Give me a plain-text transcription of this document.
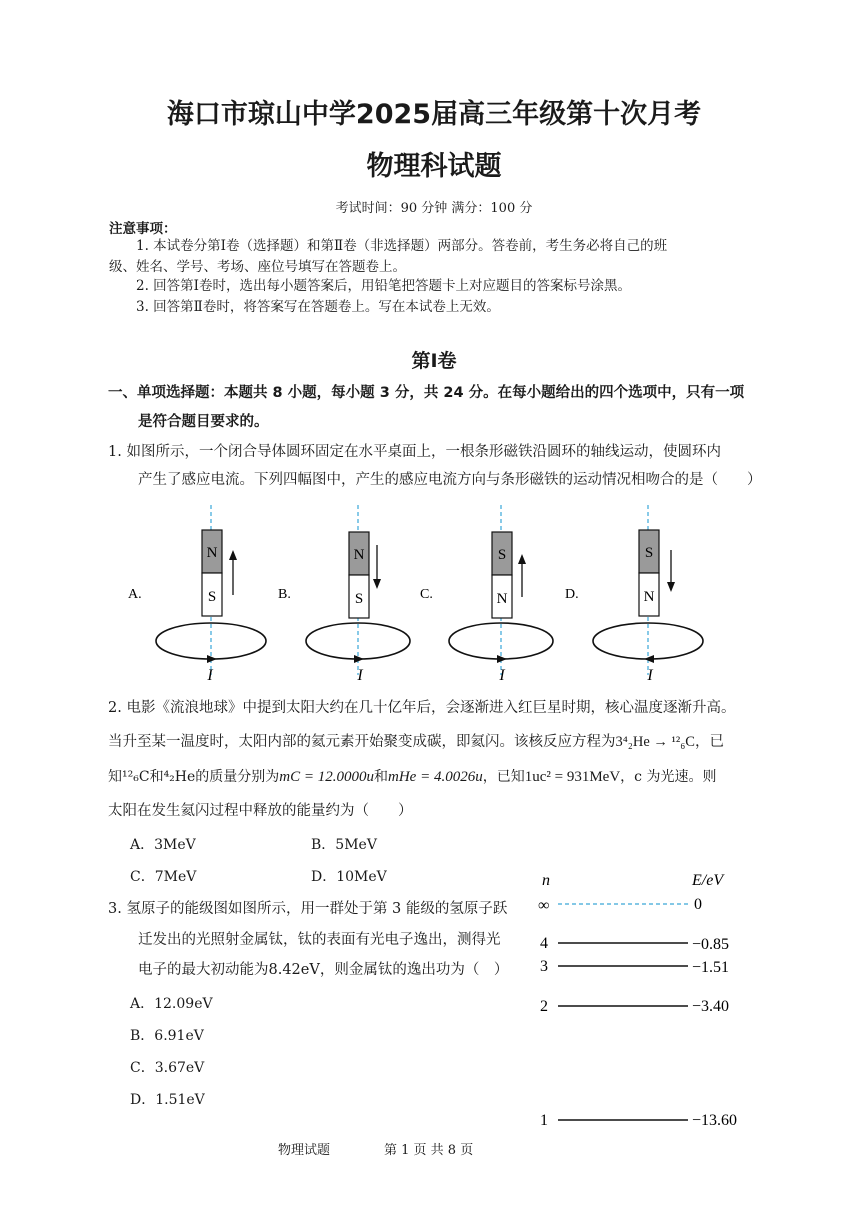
海口市琼山中学2025届高三年级第十次月考
物理科试题
考试时间：90 分钟 满分：100 分
注意事项：
1. 本试卷分第Ⅰ卷（选择题）和第Ⅱ卷（非选择题）两部分。答卷前，考生务必将自己的班
级、姓名、学号、考场、座位号填写在答题卷上。
2. 回答第Ⅰ卷时，选出每小题答案后，用铅笔把答题卡上对应题目的答案标号涂黑。
3. 回答第Ⅱ卷时，将答案写在答题卷上。写在本试卷上无效。
第Ⅰ卷
一、单项选择题：本题共 8 小题，每小题 3 分，共 24 分。在每小题给出的四个选项中，只有一项
是符合题目要求的。
1. 如图所示，一个闭合导体圆环固定在水平桌面上，一根条形磁铁沿圆环的轴线运动，使圆环内
产生了感应电流。下列四幅图中，产生的感应电流方向与条形磁铁的运动情况相吻合的是（　　）
A.
N
S
I
B.
N
S
I
C.
S
N
I
D.
S
N
I
2. 电影《流浪地球》中提到太阳大约在几十亿年后，会逐渐进入红巨星时期，核心温度逐渐升高。
当升至某一温度时，太阳内部的氦元素开始聚变成碳，即氦闪。该核反应方程为3⁴₂He → ¹²₆C，已
知¹²₆C和⁴₂He的质量分别为mC = 12.0000u和mHe = 4.0026u，已知1uc² = 931MeV，c 为光速。则
太阳在发生氦闪过程中释放的能量约为（　　）
A．3MeV	B．5MeV
C．7MeV	D．10MeV
3. 氢原子的能级图如图所示，用一群处于第 3 能级的氢原子跃
迁发出的光照射金属钛，钛的表面有光电子逸出，测得光
电子的最大初动能为8.42eV，则金属钛的逸出功为（　）
A．12.09eV
B．6.91eV
C．3.67eV
D．1.51eV
n	E/eV
∞	0
4	−0.85
3	−1.51
2	−3.40
1	−13.60
物理试题	第 1 页 共 8 页
